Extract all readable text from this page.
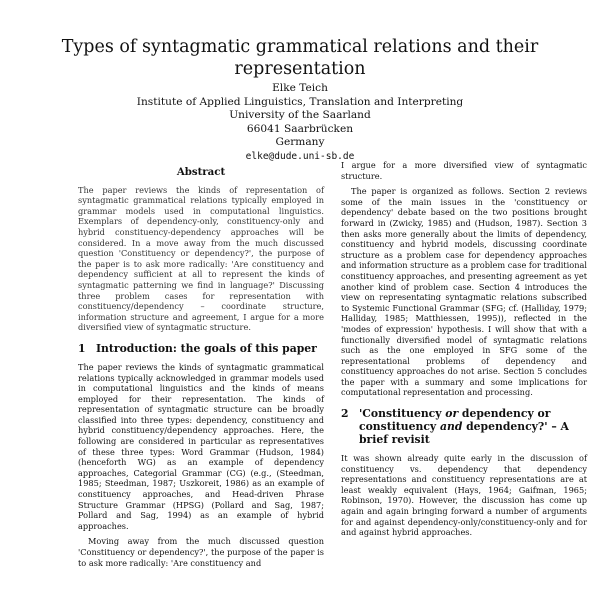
Types of syntagmatic grammatical relations and their representation
Elke Teich
Institute of Applied Linguistics, Translation and Interpreting
University of the Saarland
66041 Saarbrücken
Germany
elke@dude.uni-sb.de
Abstract

The paper reviews the kinds of representation of syntagmatic grammatical relations typically employed in grammar models used in computational linguistics. Exemplars of dependency-only, constituency-only and hybrid constituency-dependency approaches will be considered. In a move away from the much discussed question 'Constituency or dependency?', the purpose of the paper is to ask more radically: 'Are constituency and dependency sufficient at all to represent the kinds of syntagmatic patterning we find in language?' Discussing three problem cases for representation with constituency/dependency – coordinate structure, information structure and agreement, I argue for a more diversified view of syntagmatic structure.

1 Introduction: the goals of this paper

The paper reviews the kinds of syntagmatic grammatical relations typically acknowledged in grammar models used in computational linguistics and the kinds of means employed for their representation. The kinds of representation of syntagmatic structure can be broadly classified into three types: dependency, constituency and hybrid constituency/dependency approaches. Here, the following are considered in particular as representatives of these three types: Word Grammar (Hudson, 1984) (henceforth WG) as an example of dependency approaches, Categorial Grammar (CG) (e.g., (Steedman, 1985; Steedman, 1987; Uszkoreit, 1986) as an example of constituency approaches, and Head-driven Phrase Structure Grammar (HPSG) (Pollard and Sag, 1987; Pollard and Sag, 1994) as an example of hybrid approaches.

Moving away from the much discussed question 'Constituency or dependency?', the purpose of the paper is to ask more radically: 'Are constituency and

I argue for a more diversified view of syntagmatic structure.

The paper is organized as follows. Section 2 reviews some of the main issues in the 'constituency or dependency' debate based on the two positions brought forward in (Zwicky, 1985) and (Hudson, 1987). Section 3 then asks more generally about the limits of dependency, constituency and hybrid models, discussing coordinate structure as a problem case for dependency approaches and information structure as a problem case for traditional constituency approaches, and presenting agreement as yet another kind of problem case. Section 4 introduces the view on representating syntagmatic relations subscribed to Systemic Functional Grammar (SFG; cf. (Halliday, 1979; Halliday, 1985; Matthiessen, 1995)), reflected in the 'modes of expression' hypothesis. I will show that with a functionally diversified model of syntagmatic relations such as the one employed in SFG some of the representational problems of dependency and constituency approaches do not arise. Section 5 concludes the paper with a summary and some implications for computational representation and processing.

2 'Constituency or dependency or constituency and dependency?' – A brief revisit

It was shown already quite early in the discussion of constituency vs. dependency that dependency representations and constituency representations are at least weakly equivalent (Hays, 1964; Gaifman, 1965; Robinson, 1970). However, the discussion has come up again and again bringing forward a number of arguments for and against dependency-only/constituency-only and for and against hybrid approaches.
